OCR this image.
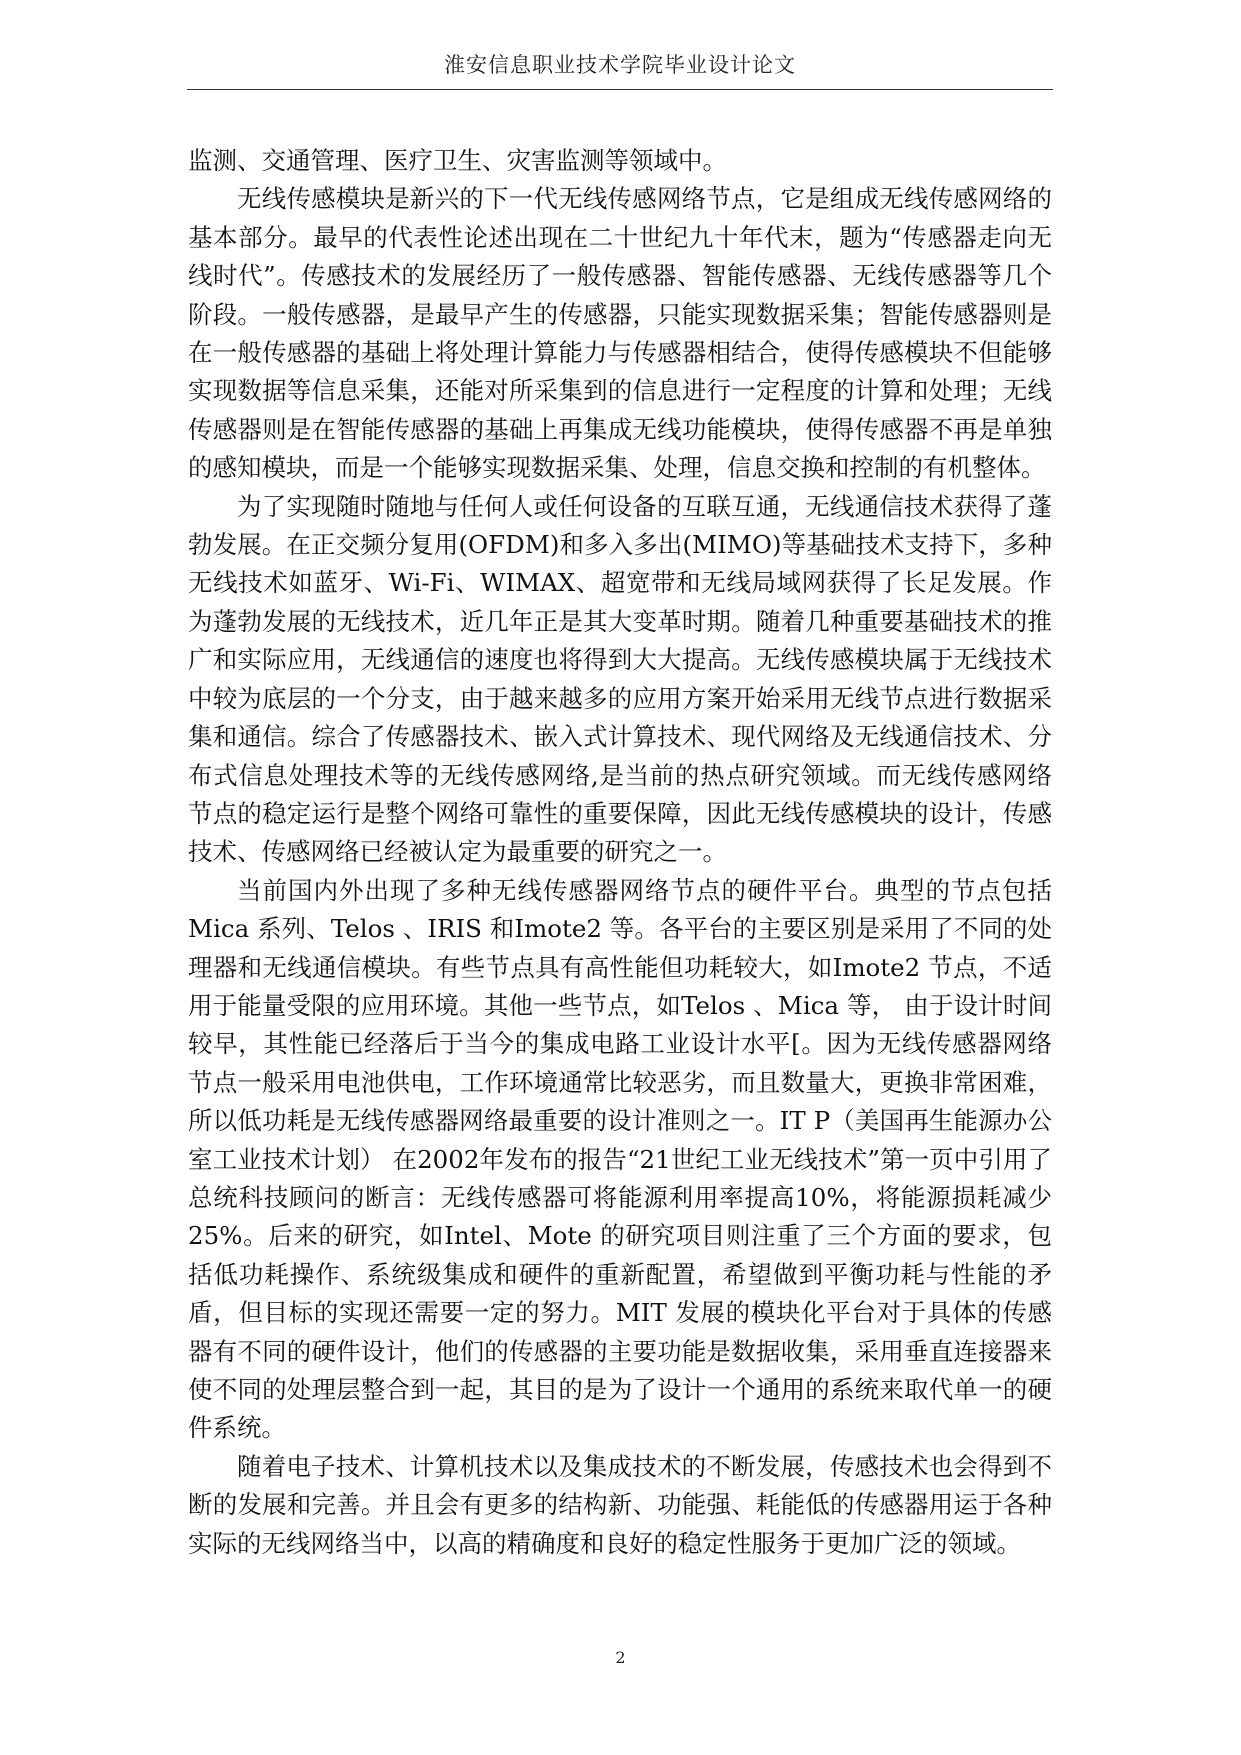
淮安信息职业技术学院毕业设计论文

监测、交通管理、医疗卫生、灾害监测等领域中。

无线传感模块是新兴的下一代无线传感网络节点，它是组成无线传感网络的基本部分。最早的代表性论述出现在二十世纪九十年代末，题为“传感器走向无线时代”。传感技术的发展经历了一般传感器、智能传感器、无线传感器等几个阶段。一般传感器，是最早产生的传感器，只能实现数据采集；智能传感器则是在一般传感器的基础上将处理计算能力与传感器相结合，使得传感模块不但能够实现数据等信息采集，还能对所采集到的信息进行一定程度的计算和处理；无线传感器则是在智能传感器的基础上再集成无线功能模块，使得传感器不再是单独的感知模块，而是一个能够实现数据采集、处理，信息交换和控制的有机整体。

为了实现随时随地与任何人或任何设备的互联互通，无线通信技术获得了蓬勃发展。在正交频分复用(OFDM)和多入多出(MIMO)等基础技术支持下，多种无线技术如蓝牙、Wi-Fi、WIMAX、超宽带和无线局域网获得了长足发展。作为蓬勃发展的无线技术，近几年正是其大变革时期。随着几种重要基础技术的推广和实际应用，无线通信的速度也将得到大大提高。无线传感模块属于无线技术中较为底层的一个分支，由于越来越多的应用方案开始采用无线节点进行数据采集和通信。综合了传感器技术、嵌入式计算技术、现代网络及无线通信技术、分布式信息处理技术等的无线传感网络,是当前的热点研究领域。而无线传感网络节点的稳定运行是整个网络可靠性的重要保障，因此无线传感模块的设计，传感技术、传感网络已经被认定为最重要的研究之一。

当前国内外出现了多种无线传感器网络节点的硬件平台。典型的节点包括Mica 系列、Telos 、IRIS 和Imote2 等。各平台的主要区别是采用了不同的处理器和无线通信模块。有些节点具有高性能但功耗较大，如Imote2 节点，不适用于能量受限的应用环境。其他一些节点，如Telos 、Mica 等， 由于设计时间较早，其性能已经落后于当今的集成电路工业设计水平[。因为无线传感器网络节点一般采用电池供电，工作环境通常比较恶劣，而且数量大，更换非常困难，所以低功耗是无线传感器网络最重要的设计准则之一。IT P（美国再生能源办公室工业技术计划） 在2002年发布的报告“21世纪工业无线技术”第一页中引用了总统科技顾问的断言：无线传感器可将能源利用率提高10%，将能源损耗减少25%。后来的研究，如Intel、Mote 的研究项目则注重了三个方面的要求，包括低功耗操作、系统级集成和硬件的重新配置，希望做到平衡功耗与性能的矛盾，但目标的实现还需要一定的努力。MIT 发展的模块化平台对于具体的传感器有不同的硬件设计，他们的传感器的主要功能是数据收集，采用垂直连接器来使不同的处理层整合到一起，其目的是为了设计一个通用的系统来取代单一的硬件系统。

随着电子技术、计算机技术以及集成技术的不断发展，传感技术也会得到不断的发展和完善。并且会有更多的结构新、功能强、耗能低的传感器用运于各种实际的无线网络当中，以高的精确度和良好的稳定性服务于更加广泛的领域。

2
